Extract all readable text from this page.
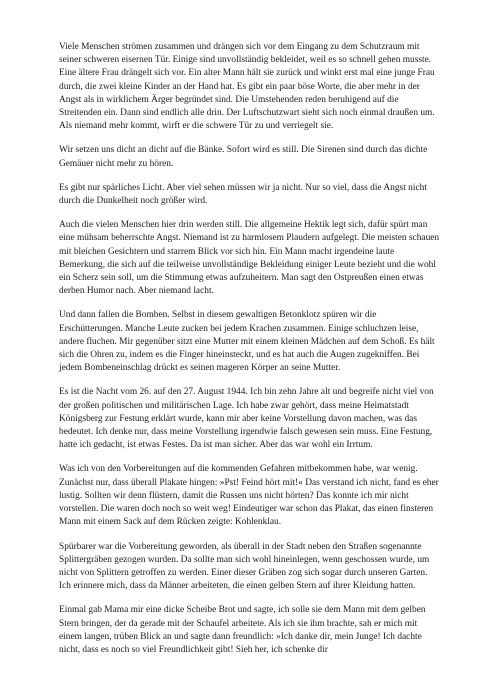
Viele Menschen strömen zusammen und drängen sich vor dem Eingang zu dem Schutzraum mit seiner schweren eisernen Tür. Einige sind unvollständig bekleidet, weil es so schnell gehen musste. Eine ältere Frau drängelt sich vor. Ein alter Mann hält sie zurück und winkt erst mal eine junge Frau durch, die zwei kleine Kinder an der Hand hat. Es gibt ein paar böse Worte, die aber mehr in der Angst als in wirklichem Ärger begründet sind. Die Umstehenden reden beruhigend auf die Streitenden ein. Dann sind endlich alle drin. Der Luftschutzwart sieht sich noch einmal draußen um. Als niemand mehr kommt, wirft er die schwere Tür zu und verriegelt sie.

Wir setzen uns dicht an dicht auf die Bänke. Sofort wird es still. Die Sirenen sind durch das dichte Gemäuer nicht mehr zu hören.

Es gibt nur spärliches Licht. Aber viel sehen müssen wir ja nicht. Nur so viel, dass die Angst nicht durch die Dunkelheit noch größer wird.

Auch die vielen Menschen hier drin werden still. Die allgemeine Hektik legt sich, dafür spürt man eine mühsam beherrschte Angst. Niemand ist zu harmlosem Plaudern aufgelegt. Die meisten schauen mit bleichen Gesichtern und starrem Blick vor sich hin. Ein Mann macht irgendeine laute Bemerkung, die sich auf die teilweise unvollständige Bekleidung einiger Leute bezieht und die wohl ein Scherz sein soll, um die Stimmung etwas aufzuheitern. Man sagt den Ostpreußen einen etwas derben Humor nach. Aber niemand lacht.

Und dann fallen die Bomben. Selbst in diesem gewaltigen Betonklotz spüren wir die Erschütterungen. Manche Leute zucken bei jedem Krachen zusammen. Einige schluchzen leise, andere fluchen. Mir gegenüber sitzt eine Mutter mit einem kleinen Mädchen auf dem Schoß. Es hält sich die Ohren zu, indem es die Finger hineinsteckt, und es hat auch die Augen zugekniffen. Bei jedem Bombeneinschlag drückt es seinen mageren Körper an seine Mutter.

Es ist die Nacht vom 26. auf den 27. August 1944. Ich bin zehn Jahre alt und begreife nicht viel von der großen politischen und militärischen Lage. Ich habe zwar gehört, dass meine Heimatstadt Königsberg zur Festung erklärt wurde, kann mir aber keine Vorstellung davon machen, was das bedeutet. Ich denke nur, dass meine Vorstellung irgendwie falsch gewesen sein muss. Eine Festung, hatte ich gedacht, ist etwas Festes. Da ist man sicher. Aber das war wohl ein Irrtum.

Was ich von den Vorbereitungen auf die kommenden Gefahren mitbekommen habe, war wenig. Zunächst nur, dass überall Plakate hingen: »Pst! Feind hört mit!« Das verstand ich nicht, fand es eher lustig. Sollten wir denn flüstern, damit die Russen uns nicht hörten? Das konnte ich mir nicht vorstellen. Die waren doch noch so weit weg! Eindeutiger war schon das Plakat, das einen finsteren Mann mit einem Sack auf dem Rücken zeigte: Kohlenklau.

Spürbarer war die Vorbereitung geworden, als überall in der Stadt neben den Straßen sogenannte Splittergräben gezogen wurden. Da sollte man sich wohl hineinlegen, wenn geschossen wurde, um nicht von Splittern getroffen zu werden. Einer dieser Gräben zog sich sogar durch unseren Garten. Ich erinnere mich, dass da Männer arbeiteten, die einen gelben Stern auf ihrer Kleidung hatten.

Einmal gab Mama mir eine dicke Scheibe Brot und sagte, ich solle sie dem Mann mit dem gelben Stern bringen, der da gerade mit der Schaufel arbeitete. Als ich sie ihm brachte, sah er mich mit einem langen, trüben Blick an und sagte dann freundlich: »Ich danke dir, mein Junge! Ich dachte nicht, dass es noch so viel Freundlichkeit gibt! Sieh her, ich schenke dir
